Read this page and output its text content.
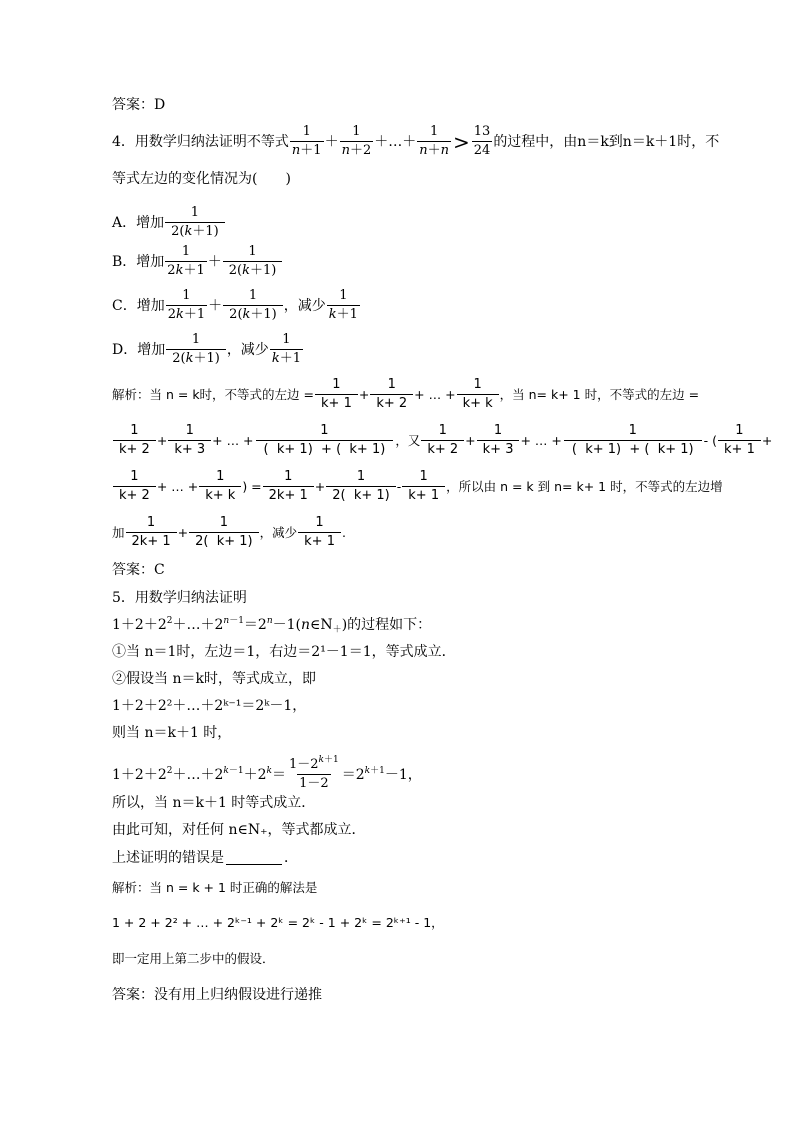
答案：D
4．用数学归纳法证明不等式 $\frac{1}{n+1} + \frac{1}{n+2}$ ＋…＋ $\frac{1}{n+n} > \frac{13}{24}$ 的过程中，由n＝k到n＝k＋1时，不
等式左边的变化情况为(　　)
A．增加 $\frac{1}{2(k+1)}$
B．增加 $\frac{1}{2k+1} + \frac{1}{2(k+1)}$
C．增加 $\frac{1}{2k+1} + \frac{1}{2(k+1)}$ ，减少 $\frac{1}{k+1}$
D．增加 $\frac{1}{2(k+1)}$ ，减少 $\frac{1}{k+1}$
解析：当 n = k时，不等式的左边 = $\frac{1}{k+ 1} + \frac{1}{k+ 2}$ + … + $\frac{1}{k+ k}$ ，当 n= k+ 1 时，不等式的左边 =
$\frac{1}{k+ 2} + \frac{1}{k+ 3}$ + … + $\frac{1}{( k+ 1) + ( k+ 1)}$ ，又 $\frac{1}{k+ 2} + \frac{1}{k+ 3}$ + … + $\frac{1}{( k+ 1) + ( k+ 1)}$ - ( $\frac{1}{k+ 1}$ +
$\frac{1}{k+ 2}$ + … + $\frac{1}{k+ k}$ ) = $\frac{1}{2k+ 1} + \frac{1}{2( k+ 1)} - \frac{1}{k+ 1}$ ，所以由 n = k 到 n= k+ 1 时，不等式的左边增
加 $\frac{1}{2k+ 1} + \frac{1}{2( k+ 1)}$ ，减少 $\frac{1}{k+ 1}$ .
答案：C
5．用数学归纳法证明
$1+2+2^2+\dots+2^{n-1}=2^n-1(n\in N_+)$ 的过程如下：
①当 n＝1时，左边＝1，右边＝2¹－1＝1，等式成立．
②假设当 n＝k时，等式成立，即
1＋2＋2²＋…＋2ᵏ⁻¹＝2ᵏ－1，
则当 n＝k＋1 时，
$1+2+2^2+\dots+2^{k-1}+2^k= \frac{1-2^{k+1}}{1-2} =2^{k+1}-1$，
所以，当 n＝k＋1 时等式成立．
由此可知，对任何 n∈N₊，等式都成立．
上述证明的错误是	．
解析：当 n = k + 1 时正确的解法是
1 + 2 + 2² + … + 2ᵏ⁻¹ + 2ᵏ = 2ᵏ - 1 + 2ᵏ = 2ᵏ⁺¹ - 1，
即一定用上第二步中的假设．
答案：没有用上归纳假设进行递推
